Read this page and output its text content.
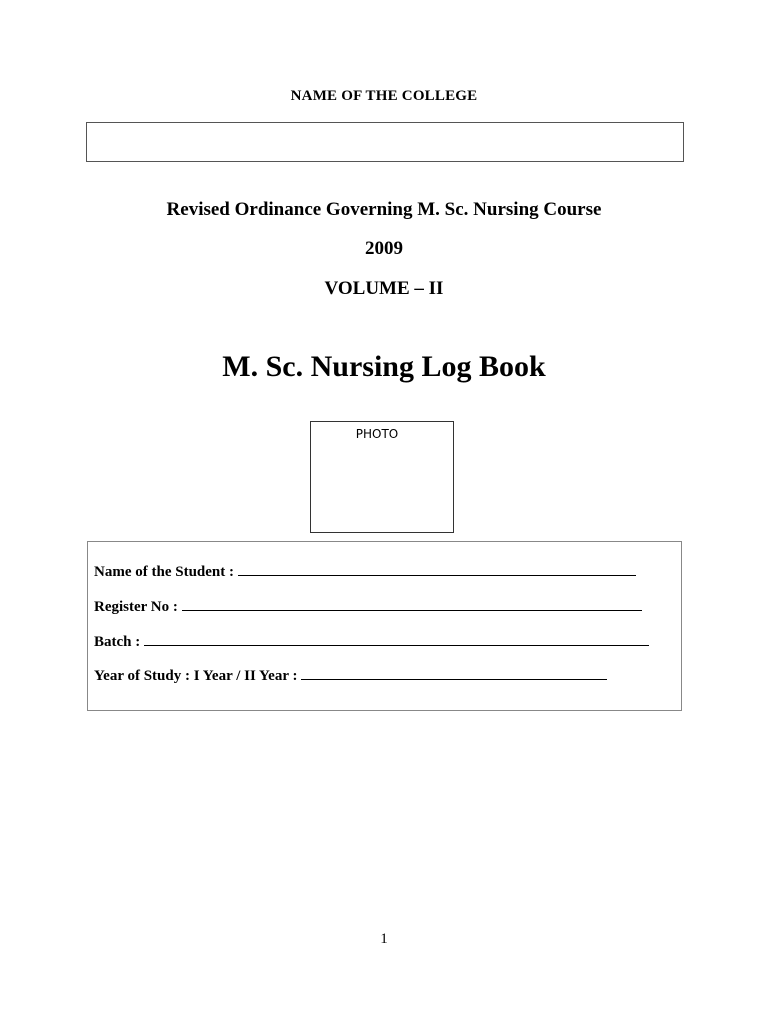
NAME OF THE COLLEGE
Revised Ordinance Governing M. Sc. Nursing Course
2009
VOLUME – II
M. Sc. Nursing Log Book
PHOTO
Name of the Student :
Register No :
Batch :
Year of Study : I Year / II Year :
1
